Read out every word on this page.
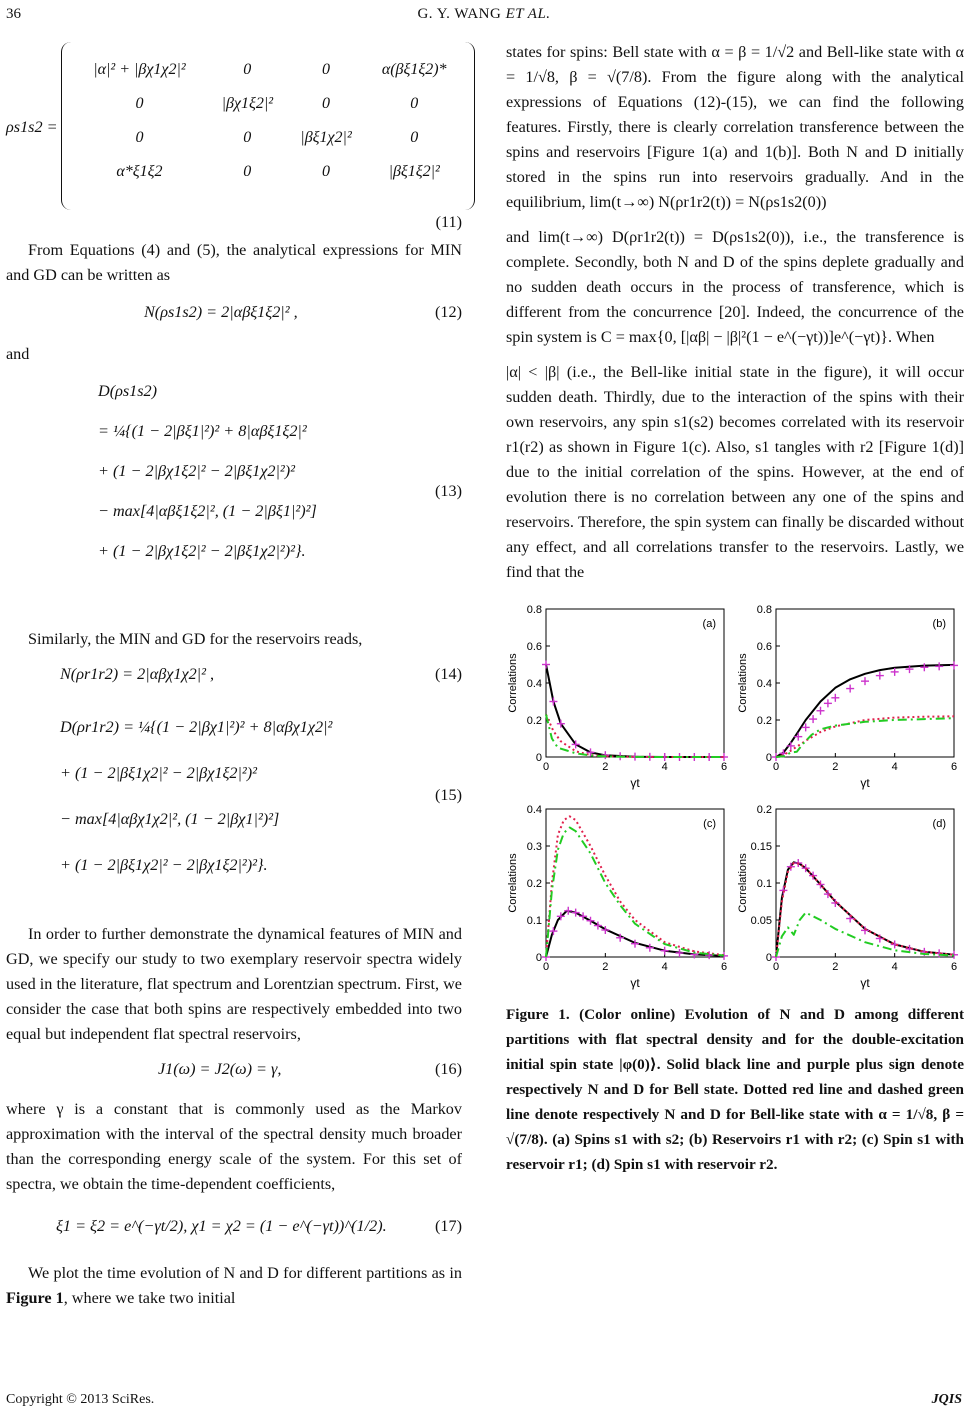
36	G. Y. WANG ET AL.
ρs1s2 =
|α|² + |βχ1χ2|²	0	0	α(βξ1ξ2)*
0	|βχ1ξ2|²	0	0
0	0	|βξ1χ2|²	0
α*ξ1ξ2	0	0	|βξ1ξ2|²
(11)

From Equations (4) and (5), the analytical expressions for MIN and GD can be written as

N(ρs1s2) = 2|αβξ1ξ2|² ,	(12)

and

D(ρs1s2)
= ¼{(1 − 2|βξ1|²)² + 8|αβξ1ξ2|²
+ (1 − 2|βχ1ξ2|² − 2|βξ1χ2|²)²
− max[4|αβξ1ξ2|², (1 − 2|βξ1|²)²]
+ (1 − 2|βχ1ξ2|² − 2|βξ1χ2|²)²}.
(13)

Similarly, the MIN and GD for the reservoirs reads,

N(ρr1r2) = 2|αβχ1χ2|² ,	(14)
D(ρr1r2) = ¼{(1 − 2|βχ1|²)² + 8|αβχ1χ2|²
+ (1 − 2|βξ1χ2|² − 2|βχ1ξ2|²)²
− max[4|αβχ1χ2|², (1 − 2|βχ1|²)²]
+ (1 − 2|βξ1χ2|² − 2|βχ1ξ2|²)²}.
(15)

In order to further demonstrate the dynamical features of MIN and GD, we specify our study to two exemplary reservoir spectra widely used in the literature, flat spectrum and Lorentzian spectrum. First, we consider the case that both spins are respectively embedded into two equal but independent flat spectral reservoirs,

J1(ω) = J2(ω) = γ,	(16)

where γ is a constant that is commonly used as the Markov approximation with the interval of the spectral density much broader than the corresponding energy scale of the system. For this set of spectra, we obtain the time-dependent coefficients,

ξ1 = ξ2 = e^(−γt/2), χ1 = χ2 = (1 − e^(−γt))^(1/2).	(17)

We plot the time evolution of N and D for different partitions as in Figure 1, where we take two initial

states for spins: Bell state with α = β = 1/√2 and Bell-like state with α = 1/√8, β = √(7/8). From the figure along with the analytical expressions of Equations (12)-(15), we can find the following features. Firstly, there is clearly correlation transference between the spins and reservoirs [Figure 1(a) and 1(b)]. Both N and D initially stored in the spins run into reservoirs gradually. And in the equilibrium, lim(t→∞) N(ρr1r2(t)) = N(ρs1s2(0))

and lim(t→∞) D(ρr1r2(t)) = D(ρs1s2(0)), i.e., the transference is complete. Secondly, both N and D of the spins deplete gradually and no sudden death occurs in the process of transference, which is different from the concurrence [20]. Indeed, the concurrence of the spin system is C = max{0, [|αβ| − |β|²(1 − e^(−γt))]e^(−γt)}. When

|α| < |β| (i.e., the Bell-like initial state in the figure), it will occur sudden death. Thirdly, due to the interaction of the spins with their own reservoirs, any spin s1(s2) becomes correlated with its reservoir r1(r2) as shown in Figure 1(c). Also, s1 tangles with r2 [Figure 1(d)] due to the initial correlation of the spins. However, at the end of evolution there is no correlation between any one of the spins and reservoirs. Therefore, the spin system can finally be discarded without any effect, and all correlations transfer to the reservoirs. Lastly, we find that the

0	2	4	6
0
0.2
0.4
0.6
0.8
γt
Correlations
(a)
0	2	4	6
0
0.2
0.4
0.6
0.8
γt
Correlations
(b)
0	2	4	6
0
0.1
0.2
0.3
0.4
γt
Correlations
(c)
0	2	4	6
0
0.05
0.1
0.15
0.2
γt
Correlations
(d)

Figure 1. (Color online) Evolution of N and D among different partitions with flat spectral density and for the double-excitation initial spin state |φ(0)⟩. Solid black line and purple plus sign denote respectively N and D for Bell state. Dotted red line and dashed green line denote respectively N and D for Bell-like state with α = 1/√8, β = √(7/8). (a) Spins s1 with s2; (b) Reservoirs r1 with r2; (c) Spin s1 with reservoir r1; (d) Spin s1 with reservoir r2.

Copyright © 2013 SciRes.	JQIS
